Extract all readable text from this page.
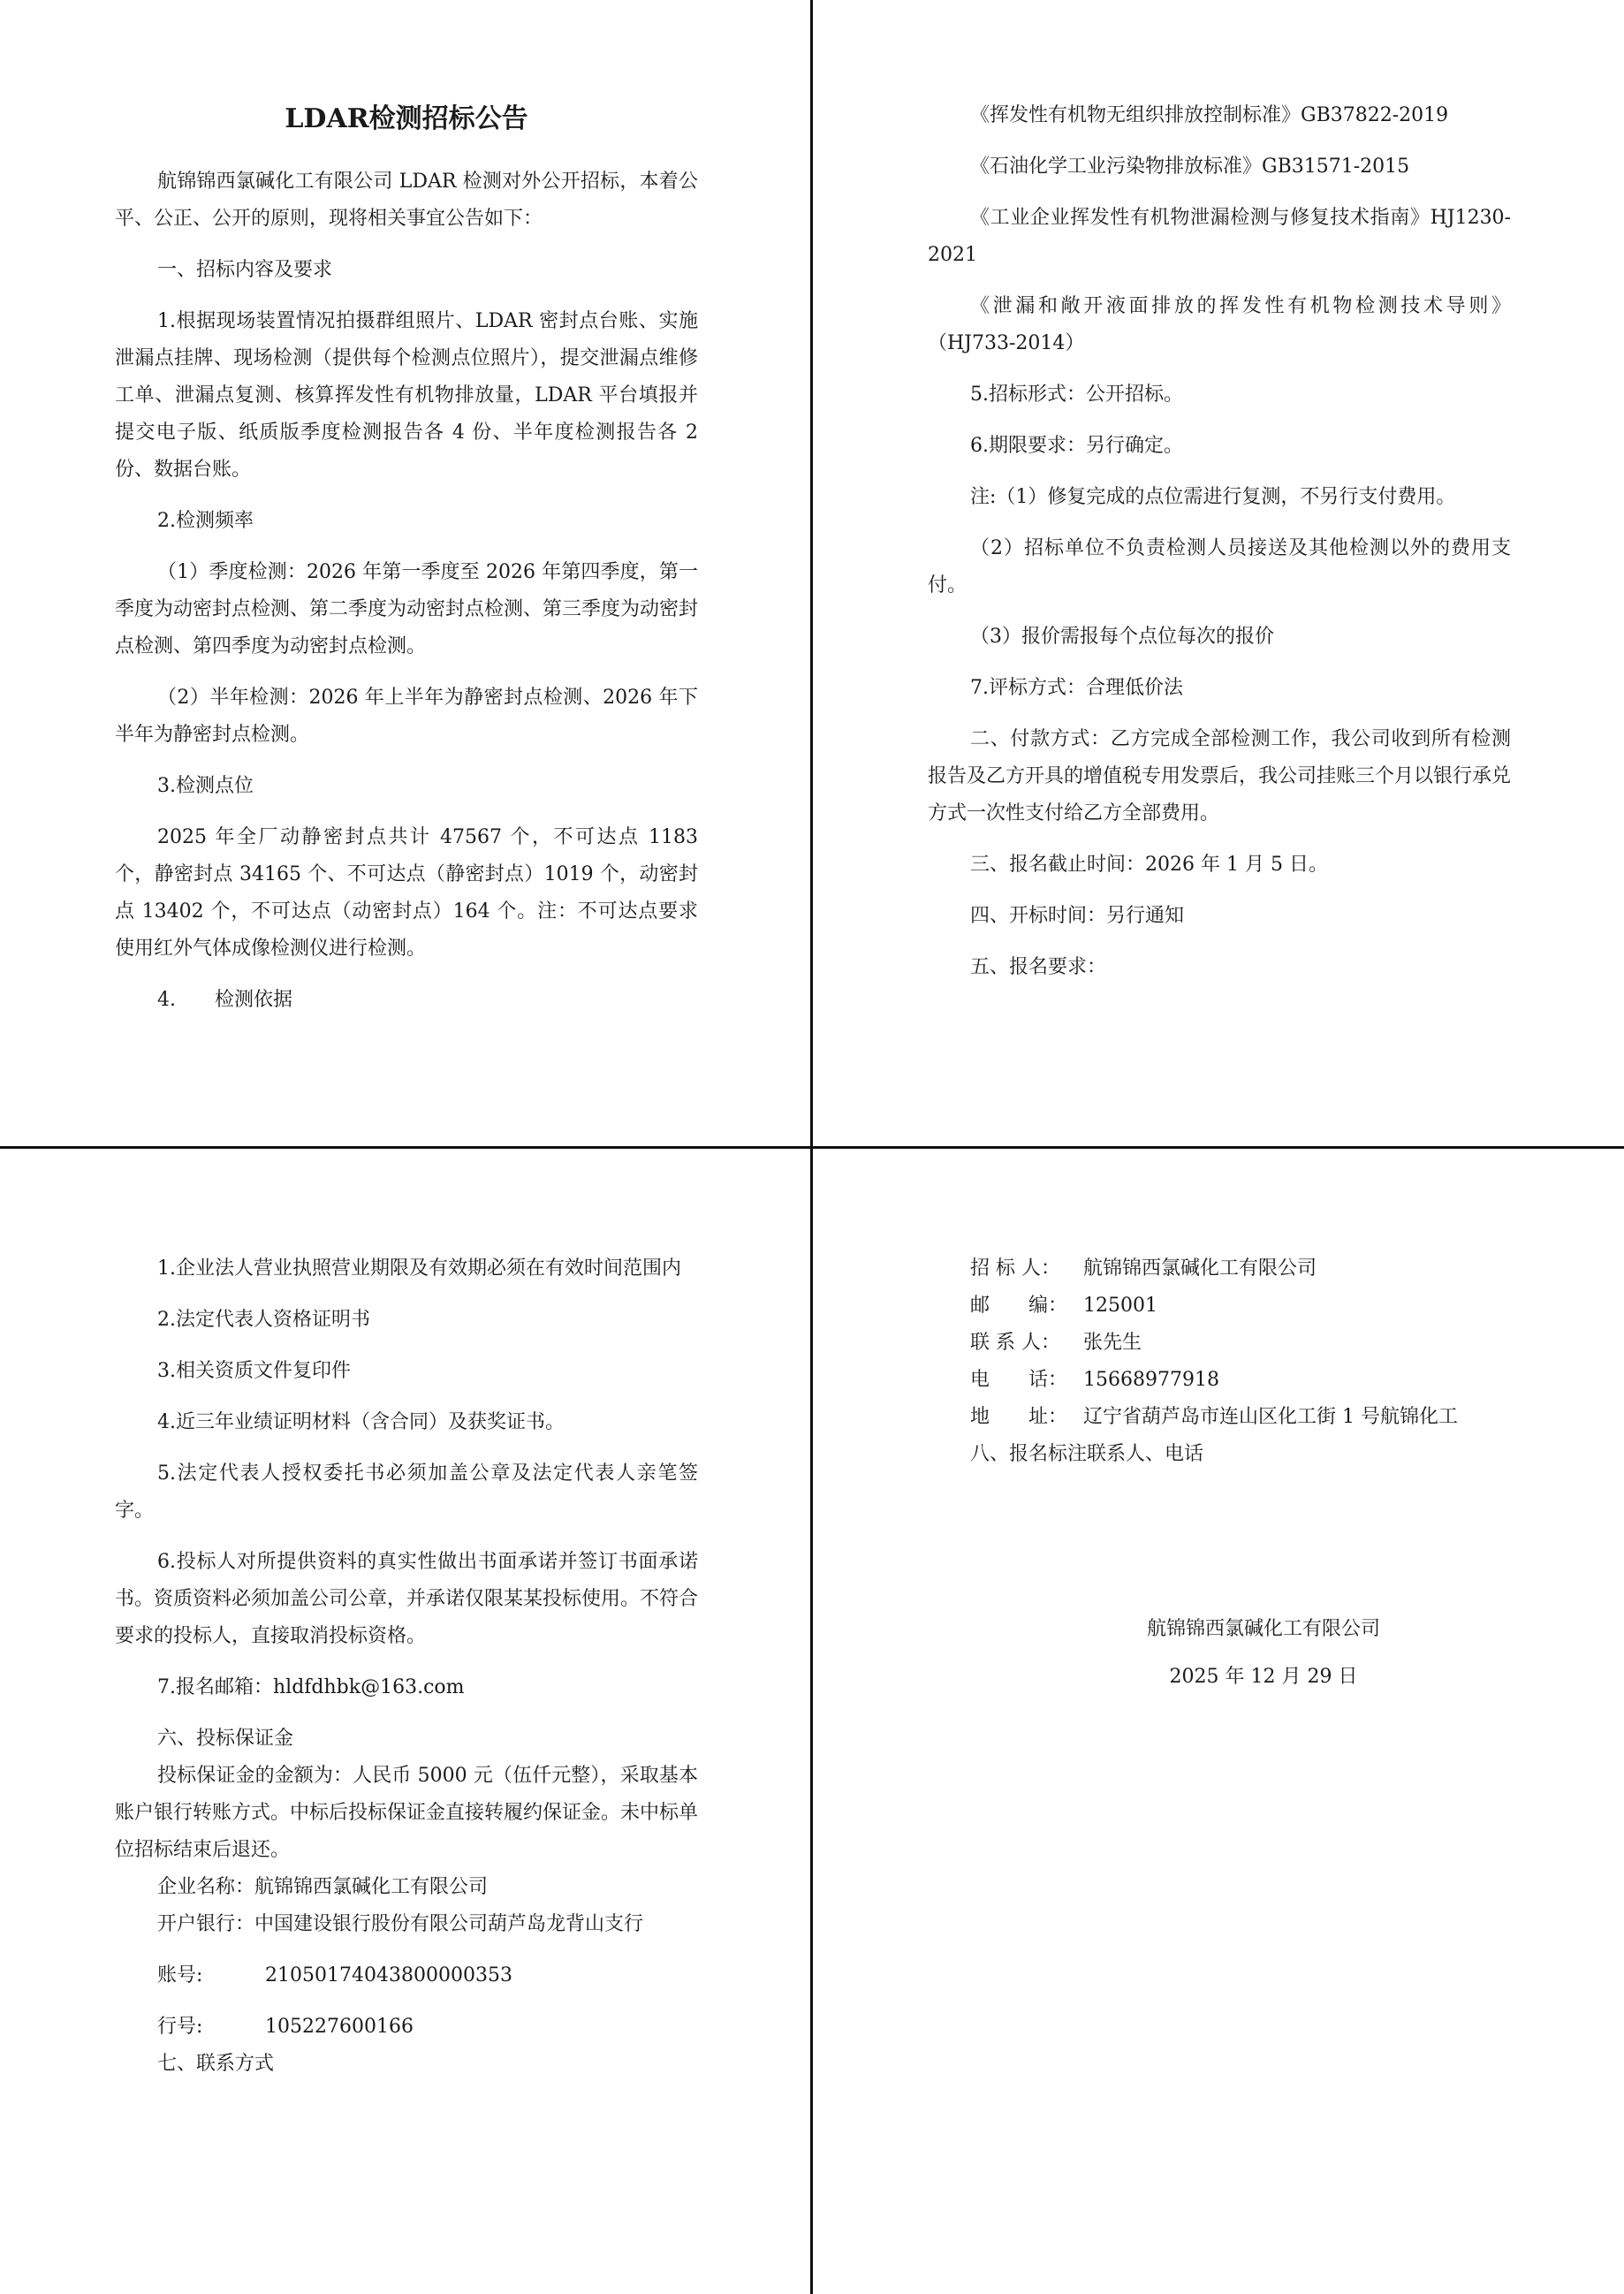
LDAR检测招标公告

航锦锦西氯碱化工有限公司 LDAR 检测对外公开招标，本着公平、公正、公开的原则，现将相关事宜公告如下：

一、招标内容及要求

1.根据现场装置情况拍摄群组照片、LDAR 密封点台账、实施泄漏点挂牌、现场检测（提供每个检测点位照片），提交泄漏点维修工单、泄漏点复测、核算挥发性有机物排放量，LDAR 平台填报并提交电子版、纸质版季度检测报告各 4 份、半年度检测报告各 2 份、数据台账。

2.检测频率

（1）季度检测：2026 年第一季度至 2026 年第四季度，第一季度为动密封点检测、第二季度为动密封点检测、第三季度为动密封点检测、第四季度为动密封点检测。

（2）半年检测：2026 年上半年为静密封点检测、2026 年下半年为静密封点检测。

3.检测点位

2025 年全厂动静密封点共计 47567 个，不可达点 1183 个，静密封点 34165 个、不可达点（静密封点）1019 个，动密封点 13402 个，不可达点（动密封点）164 个。注：不可达点要求使用红外气体成像检测仪进行检测。

4.　　检测依据

《挥发性有机物无组织排放控制标准》GB37822-2019

《石油化学工业污染物排放标准》GB31571-2015

《工业企业挥发性有机物泄漏检测与修复技术指南》HJ1230-2021

《泄漏和敞开液面排放的挥发性有机物检测技术导则》（HJ733-2014）

5.招标形式：公开招标。

6.期限要求：另行确定。

注:（1）修复完成的点位需进行复测，不另行支付费用。

（2）招标单位不负责检测人员接送及其他检测以外的费用支付。

（3）报价需报每个点位每次的报价

7.评标方式：合理低价法

二、付款方式：乙方完成全部检测工作，我公司收到所有检测报告及乙方开具的增值税专用发票后，我公司挂账三个月以银行承兑方式一次性支付给乙方全部费用。

三、报名截止时间：2026 年 1 月 5 日。

四、开标时间：另行通知

五、报名要求：

1.企业法人营业执照营业期限及有效期必须在有效时间范围内

2.法定代表人资格证明书

3.相关资质文件复印件

4.近三年业绩证明材料（含合同）及获奖证书。

5.法定代表人授权委托书必须加盖公章及法定代表人亲笔签字。

6.投标人对所提供资料的真实性做出书面承诺并签订书面承诺书。资质资料必须加盖公司公章，并承诺仅限某某投标使用。不符合要求的投标人，直接取消投标资格。

7.报名邮箱：hldfdhbk@163.com

六、投标保证金

投标保证金的金额为：人民币 5000 元（伍仟元整），采取基本账户银行转账方式。中标后投标保证金直接转履约保证金。未中标单位招标结束后退还。

企业名称：航锦锦西氯碱化工有限公司

开户银行：中国建设银行股份有限公司葫芦岛龙背山支行

账号:	21050174043800000353
行号:	105227600166

七、联系方式

招 标 人：	航锦锦西氯碱化工有限公司
邮　　编： 125001
联 系 人：	张先生
电　　话： 15668977918
地　　址： 辽宁省葫芦岛市连山区化工街 1 号航锦化工

八、报名标注联系人、电话

航锦锦西氯碱化工有限公司
2025 年 12 月 29 日
